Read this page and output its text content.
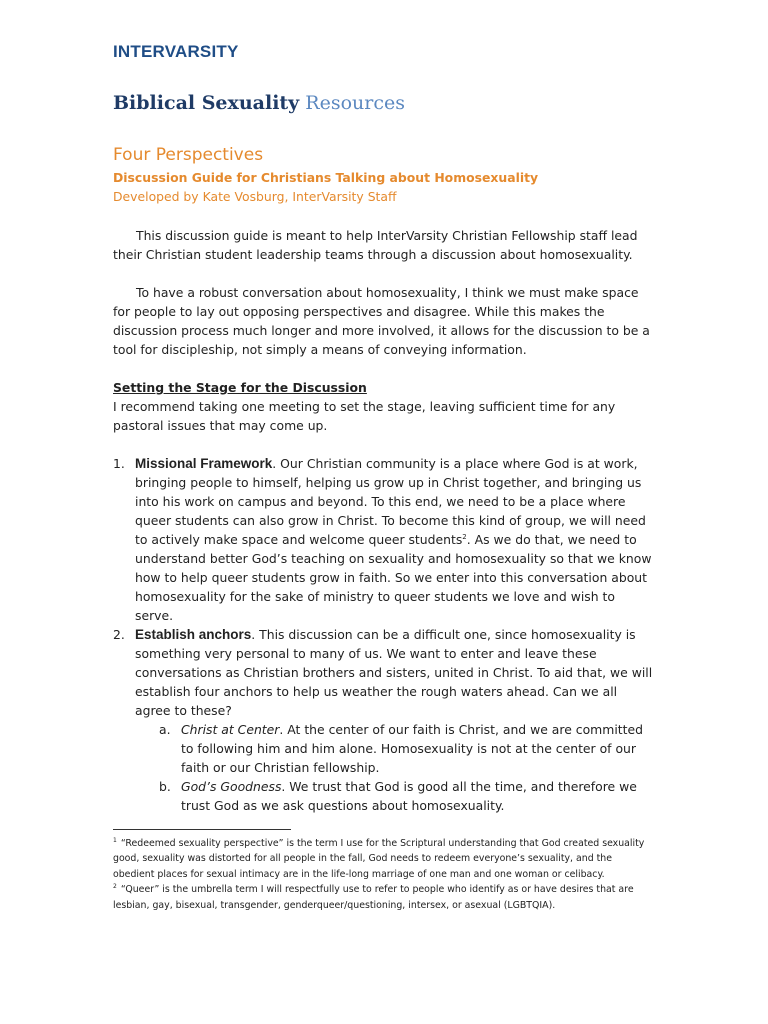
INTERVARSITY
Biblical Sexuality Resources
Four Perspectives
Discussion Guide for Christians Talking about Homosexuality
Developed by Kate Vosburg, InterVarsity Staff

This discussion guide is meant to help InterVarsity Christian Fellowship staff lead their Christian student leadership teams through a discussion about homosexuality.

To have a robust conversation about homosexuality, I think we must make space for people to lay out opposing perspectives and disagree. While this makes the discussion process much longer and more involved, it allows for the discussion to be a tool for discipleship, not simply a means of conveying information.

Setting the Stage for the Discussion

I recommend taking one meeting to set the stage, leaving sufficient time for any pastoral issues that may come up.

1. Missional Framework. Our Christian community is a place where God is at work, bringing people to himself, helping us grow up in Christ together, and bringing us into his work on campus and beyond. To this end, we need to be a place where queer students can also grow in Christ. To become this kind of group, we will need to actively make space and welcome queer students$^2$. As we do that, we need to understand better God’s teaching on sexuality and homosexuality so that we know how to help queer students grow in faith. So we enter into this conversation about homosexuality for the sake of ministry to queer students we love and wish to serve.
2. Establish anchors. This discussion can be a difficult one, since homosexuality is something very personal to many of us. We want to enter and leave these conversations as Christian brothers and sisters, united in Christ. To aid that, we will establish four anchors to help us weather the rough waters ahead. Can we all agree to these?
a. Christ at Center. At the center of our faith is Christ, and we are committed to following him and him alone. Homosexuality is not at the center of our faith or our Christian fellowship.
b. God’s Goodness. We trust that God is good all the time, and therefore we trust God as we ask questions about homosexuality.

$^1$ “Redeemed sexuality perspective” is the term I use for the Scriptural understanding that God created sexuality good, sexuality was distorted for all people in the fall, God needs to redeem everyone’s sexuality, and the obedient places for sexual intimacy are in the life-long marriage of one man and one woman or celibacy.

$^2$ “Queer” is the umbrella term I will respectfully use to refer to people who identify as or have desires that are lesbian, gay, bisexual, transgender, genderqueer/questioning, intersex, or asexual (LGBTQIA).
